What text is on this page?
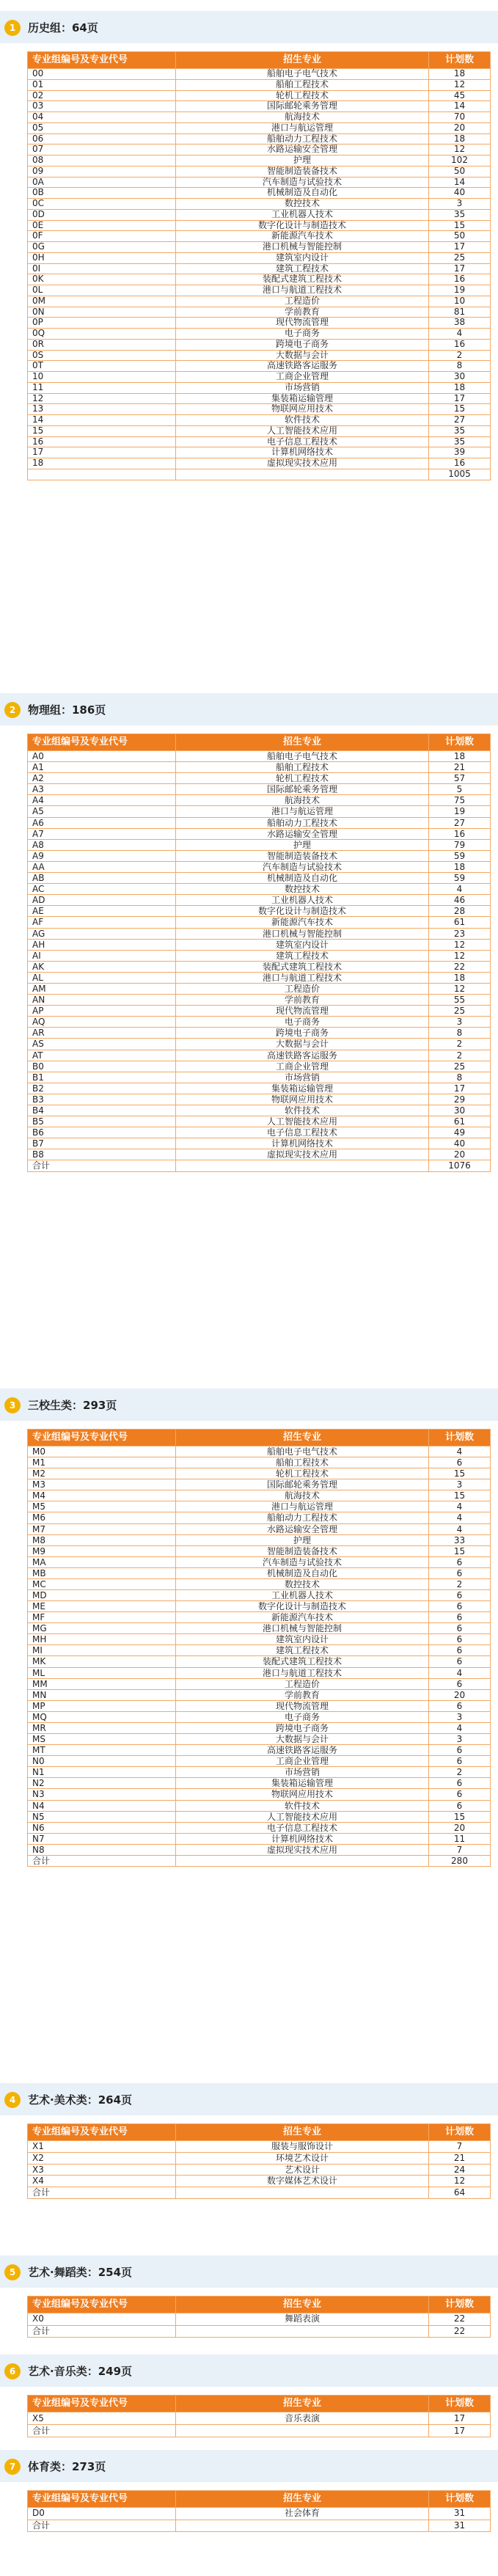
1	历史组：64页
专业组编号及专业代号	招生专业	计划数
00	船舶电子电气技术	18
01	船舶工程技术	12
02	轮机工程技术	45
03	国际邮轮乘务管理	14
04	航海技术	70
05	港口与航运管理	20
06	船舶动力工程技术	18
07	水路运输安全管理	12
08	护理	102
09	智能制造装备技术	50
0A	汽车制造与试验技术	14
0B	机械制造及自动化	40
0C	数控技术	3
0D	工业机器人技术	35
0E	数字化设计与制造技术	15
0F	新能源汽车技术	50
0G	港口机械与智能控制	17
0H	建筑室内设计	25
0I	建筑工程技术	17
0K	装配式建筑工程技术	16
0L	港口与航道工程技术	19
0M	工程造价	10
0N	学前教育	81
0P	现代物流管理	38
0Q	电子商务	4
0R	跨境电子商务	16
0S	大数据与会计	2
0T	高速铁路客运服务	8
10	工商企业管理	30
11	市场营销	18
12	集装箱运输管理	17
13	物联网应用技术	15
14	软件技术	27
15	人工智能技术应用	35
16	电子信息工程技术	35
17	计算机网络技术	39
18	虚拟现实技术应用	16
		1005
2	物理组：186页
专业组编号及专业代号	招生专业	计划数
A0	船舶电子电气技术	18
A1	船舶工程技术	21
A2	轮机工程技术	57
A3	国际邮轮乘务管理	5
A4	航海技术	75
A5	港口与航运管理	19
A6	船舶动力工程技术	27
A7	水路运输安全管理	16
A8	护理	79
A9	智能制造装备技术	59
AA	汽车制造与试验技术	18
AB	机械制造及自动化	59
AC	数控技术	4
AD	工业机器人技术	46
AE	数字化设计与制造技术	28
AF	新能源汽车技术	61
AG	港口机械与智能控制	23
AH	建筑室内设计	12
AI	建筑工程技术	12
AK	装配式建筑工程技术	22
AL	港口与航道工程技术	18
AM	工程造价	12
AN	学前教育	55
AP	现代物流管理	25
AQ	电子商务	3
AR	跨境电子商务	8
AS	大数据与会计	2
AT	高速铁路客运服务	2
B0	工商企业管理	25
B1	市场营销	8
B2	集装箱运输管理	17
B3	物联网应用技术	29
B4	软件技术	30
B5	人工智能技术应用	61
B6	电子信息工程技术	49
B7	计算机网络技术	40
B8	虚拟现实技术应用	20
合计		1076
3	三校生类：293页
专业组编号及专业代号	招生专业	计划数
M0	船舶电子电气技术	4
M1	船舶工程技术	6
M2	轮机工程技术	15
M3	国际邮轮乘务管理	3
M4	航海技术	15
M5	港口与航运管理	4
M6	船舶动力工程技术	4
M7	水路运输安全管理	4
M8	护理	33
M9	智能制造装备技术	15
MA	汽车制造与试验技术	6
MB	机械制造及自动化	6
MC	数控技术	2
MD	工业机器人技术	6
ME	数字化设计与制造技术	6
MF	新能源汽车技术	6
MG	港口机械与智能控制	6
MH	建筑室内设计	6
MI	建筑工程技术	6
MK	装配式建筑工程技术	6
ML	港口与航道工程技术	4
MM	工程造价	6
MN	学前教育	20
MP	现代物流管理	6
MQ	电子商务	3
MR	跨境电子商务	4
MS	大数据与会计	3
MT	高速铁路客运服务	6
N0	工商企业管理	6
N1	市场营销	2
N2	集装箱运输管理	6
N3	物联网应用技术	6
N4	软件技术	6
N5	人工智能技术应用	15
N6	电子信息工程技术	20
N7	计算机网络技术	11
N8	虚拟现实技术应用	7
合计		280
4	艺术·美术类：264页
专业组编号及专业代号	招生专业	计划数
X1	服装与服饰设计	7
X2	环境艺术设计	21
X3	艺术设计	24
X4	数字媒体艺术设计	12
合计		64
5	艺术·舞蹈类：254页
专业组编号及专业代号	招生专业	计划数
X0	舞蹈表演	22
合计		22
6	艺术·音乐类：249页
专业组编号及专业代号	招生专业	计划数
X5	音乐表演	17
合计		17
7	体育类：273页
专业组编号及专业代号	招生专业	计划数
D0	社会体育	31
合计		31
